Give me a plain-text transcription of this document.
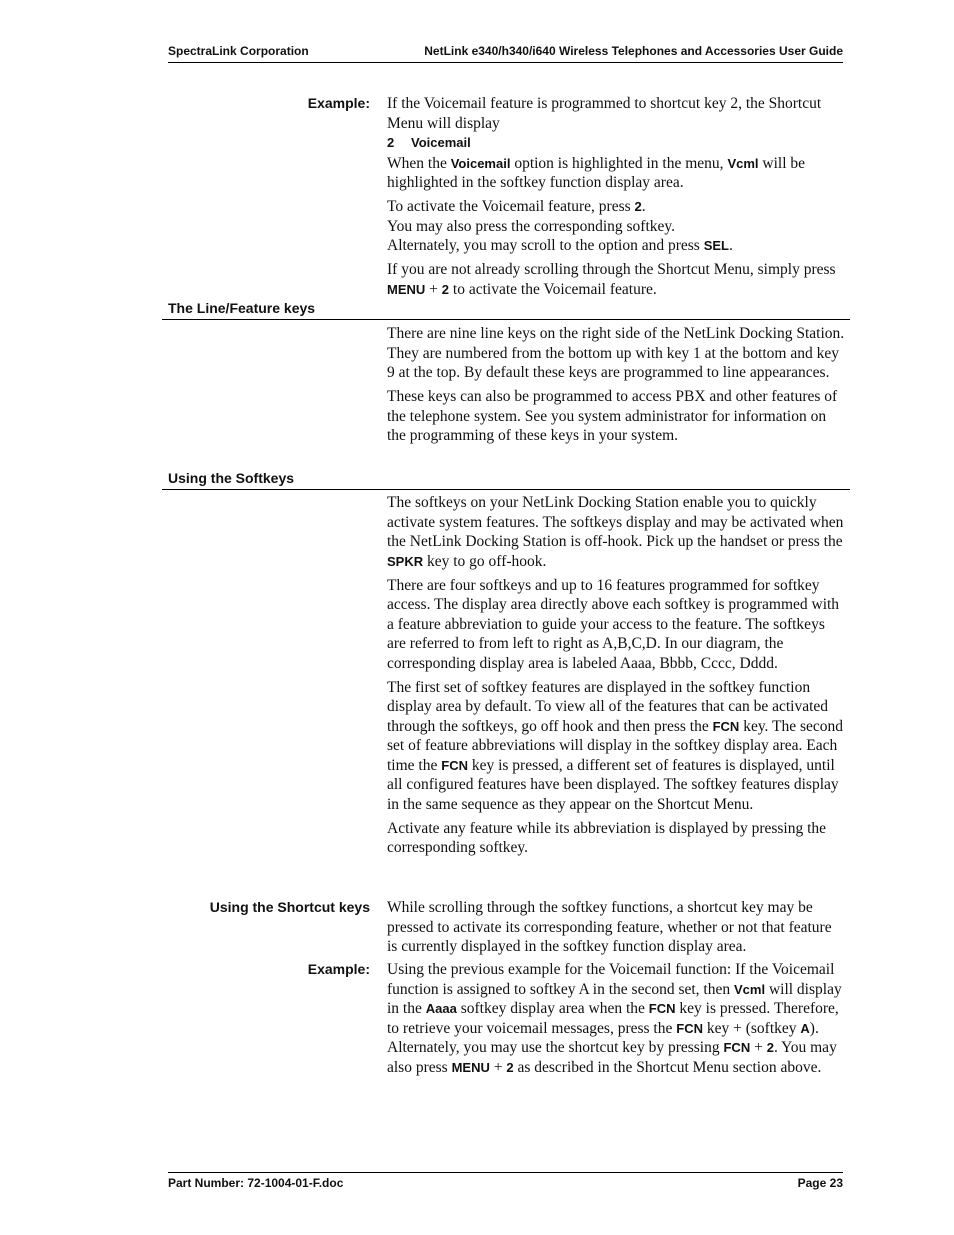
SpectraLink Corporation	NetLink e340/h340/i640 Wireless Telephones and Accessories User Guide
Example: If the Voicemail feature is programmed to shortcut key 2, the Shortcut Menu will display

2 Voicemail

When the Voicemail option is highlighted in the menu, Vcml will be highlighted in the softkey function display area.

To activate the Voicemail feature, press 2.
You may also press the corresponding softkey.
Alternately, you may scroll to the option and press SEL.

If you are not already scrolling through the Shortcut Menu, simply press MENU + 2 to activate the Voicemail feature.

The Line/Feature keys

There are nine line keys on the right side of the NetLink Docking Station. They are numbered from the bottom up with key 1 at the bottom and key 9 at the top. By default these keys are programmed to line appearances.

These keys can also be programmed to access PBX and other features of the telephone system. See you system administrator for information on the programming of these keys in your system.

Using the Softkeys

The softkeys on your NetLink Docking Station enable you to quickly activate system features. The softkeys display and may be activated when the NetLink Docking Station is off-hook. Pick up the handset or press the SPKR key to go off-hook.

There are four softkeys and up to 16 features programmed for softkey access. The display area directly above each softkey is programmed with a feature abbreviation to guide your access to the feature. The softkeys are referred to from left to right as A,B,C,D. In our diagram, the corresponding display area is labeled Aaaa, Bbbb, Cccc, Dddd.

The first set of softkey features are displayed in the softkey function display area by default. To view all of the features that can be activated through the softkeys, go off hook and then press the FCN key. The second set of feature abbreviations will display in the softkey display area. Each time the FCN key is pressed, a different set of features is displayed, until all configured features have been displayed. The softkey features display in the same sequence as they appear on the Shortcut Menu.

Activate any feature while its abbreviation is displayed by pressing the corresponding softkey.

Using the Shortcut keys While scrolling through the softkey functions, a shortcut key may be pressed to activate its corresponding feature, whether or not that feature is currently displayed in the softkey function display area.

Example: Using the previous example for the Voicemail function: If the Voicemail function is assigned to softkey A in the second set, then Vcml will display in the Aaaa softkey display area when the FCN key is pressed. Therefore, to retrieve your voicemail messages, press the FCN key + (softkey A).
Alternately, you may use the shortcut key by pressing FCN + 2. You may also press MENU + 2 as described in the Shortcut Menu section above.

Part Number: 72-1004-01-F.doc	Page 23
